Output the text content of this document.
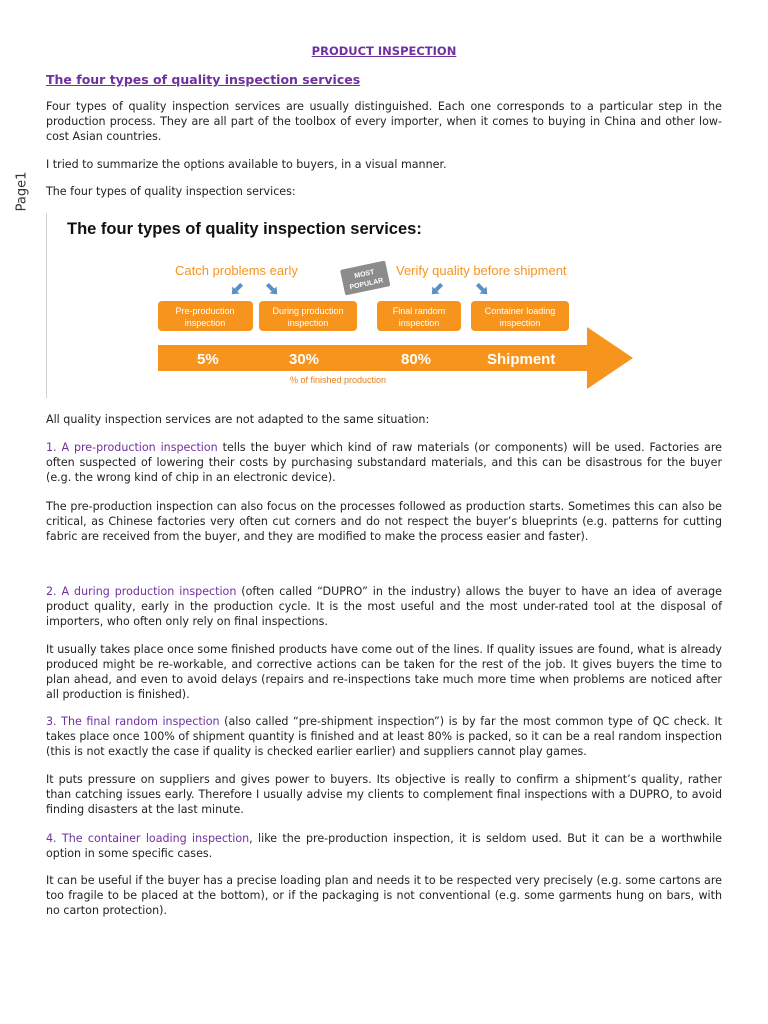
Page1
PRODUCT INSPECTION
The four types of quality inspection services
Four types of quality inspection services are usually distinguished. Each one corresponds to a particular step in the production process. They are all part of the toolbox of every importer, when it comes to buying in China and other low-cost Asian countries.
I tried to summarize the options available to buyers, in a visual manner.
The four types of quality inspection services:
The four types of quality inspection services:
Catch problems early	Verify quality before shipment
MOST
POPULAR
Pre-production
inspection
During production
inspection
Final random
inspection
Container loading
inspection
5%	30%	80%	Shipment
% of finished production
All quality inspection services are not adapted to the same situation:
1. A pre-production inspection tells the buyer which kind of raw materials (or components) will be used. Factories are often suspected of lowering their costs by purchasing substandard materials, and this can be disastrous for the buyer (e.g. the wrong kind of chip in an electronic device).
The pre-production inspection can also focus on the processes followed as production starts. Sometimes this can also be critical, as Chinese factories very often cut corners and do not respect the buyer’s blueprints (e.g. patterns for cutting fabric are received from the buyer, and they are modified to make the process easier and faster).
2. A during production inspection (often called “DUPRO” in the industry) allows the buyer to have an idea of average product quality, early in the production cycle. It is the most useful and the most under-rated tool at the disposal of importers, who often only rely on final inspections.
It usually takes place once some finished products have come out of the lines. If quality issues are found, what is already produced might be re-workable, and corrective actions can be taken for the rest of the job. It gives buyers the time to plan ahead, and even to avoid delays (repairs and re-inspections take much more time when problems are noticed after all production is finished).
3. The final random inspection (also called “pre-shipment inspection”) is by far the most common type of QC check. It takes place once 100% of shipment quantity is finished and at least 80% is packed, so it can be a real random inspection (this is not exactly the case if quality is checked earlier earlier) and suppliers cannot play games.
It puts pressure on suppliers and gives power to buyers. Its objective is really to confirm a shipment’s quality, rather than catching issues early. Therefore I usually advise my clients to complement final inspections with a DUPRO, to avoid finding disasters at the last minute.
4. The container loading inspection, like the pre-production inspection, it is seldom used. But it can be a worthwhile option in some specific cases.
It can be useful if the buyer has a precise loading plan and needs it to be respected very precisely (e.g. some cartons are too fragile to be placed at the bottom), or if the packaging is not conventional (e.g. some garments hung on bars, with no carton protection).
